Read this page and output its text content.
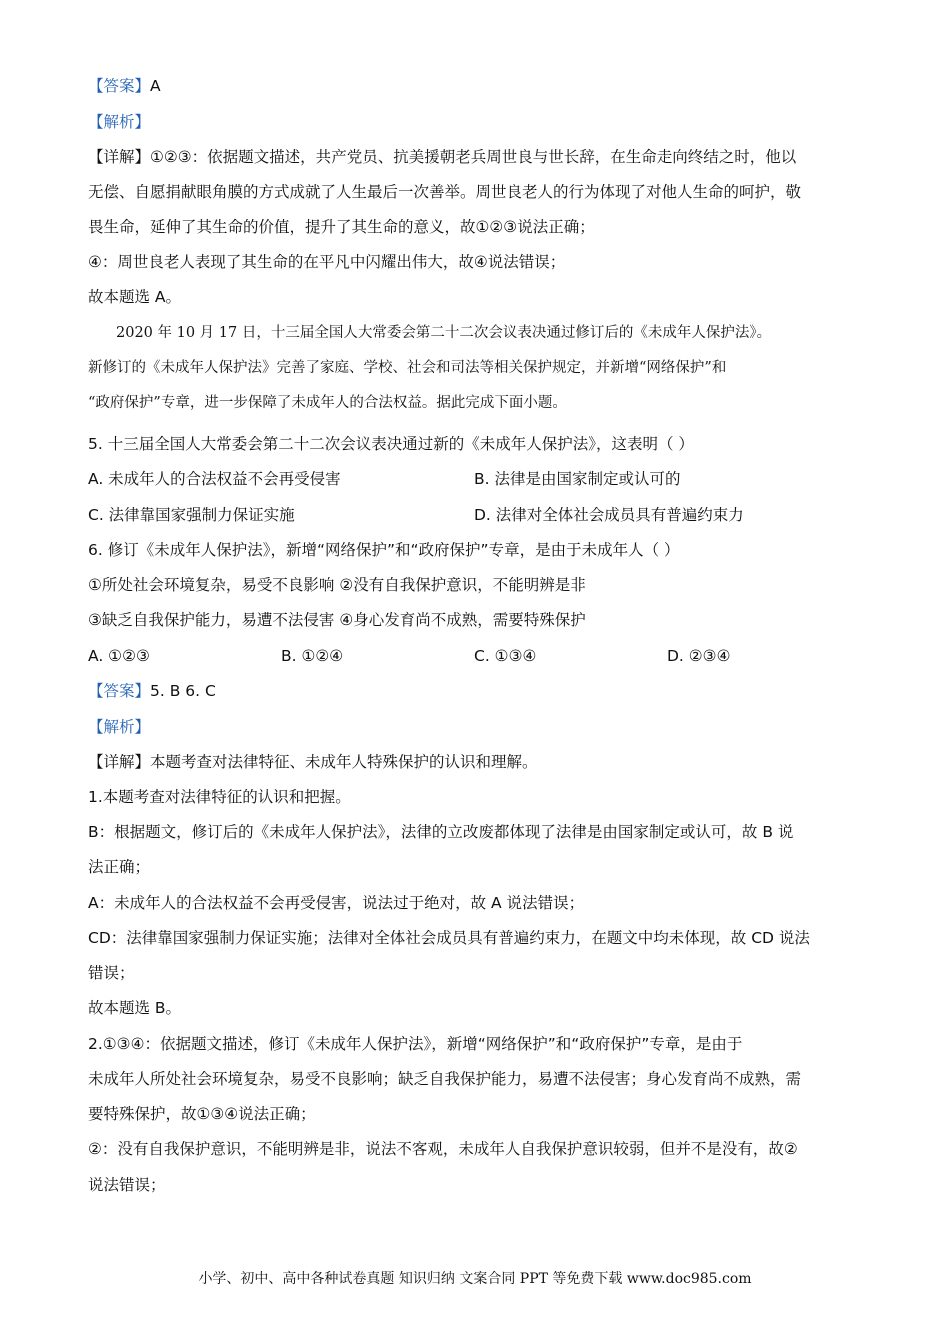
【答案】A
【解析】
【详解】①②③：依据题文描述，共产党员、抗美援朝老兵周世良与世长辞，在生命走向终结之时，他以
无偿、自愿捐献眼角膜的方式成就了人生最后一次善举。周世良老人的行为体现了对他人生命的呵护，敬
畏生命，延伸了其生命的价值，提升了其生命的意义，故①②③说法正确；
④：周世良老人表现了其生命的在平凡中闪耀出伟大，故④说法错误；
故本题选 A。
2020 年 10 月 17 日，十三届全国人大常委会第二十二次会议表决通过修订后的《未成年人保护法》。
新修订的《未成年人保护法》完善了家庭、学校、社会和司法等相关保护规定，并新增“网络保护”和
“政府保护”专章，进一步保障了未成年人的合法权益。据此完成下面小题。
5. 十三届全国人大常委会第二十二次会议表决通过新的《未成年人保护法》，这表明（ ）
A. 未成年人的合法权益不会再受侵害	B. 法律是由国家制定或认可的
C. 法律靠国家强制力保证实施	D. 法律对全体社会成员具有普遍约束力
6. 修订《未成年人保护法》，新增“网络保护”和“政府保护”专章，是由于未成年人（ ）
①所处社会环境复杂，易受不良影响 ②没有自我保护意识，不能明辨是非
③缺乏自我保护能力，易遭不法侵害 ④身心发育尚不成熟，需要特殊保护
A. ①②③	B. ①②④	C. ①③④	D. ②③④
【答案】5. B 6. C
【解析】
【详解】本题考查对法律特征、未成年人特殊保护的认识和理解。
1.本题考查对法律特征的认识和把握。
B：根据题文，修订后的《未成年人保护法》，法律的立改废都体现了法律是由国家制定或认可，故 B 说
法正确；
A：未成年人的合法权益不会再受侵害，说法过于绝对，故 A 说法错误；
CD：法律靠国家强制力保证实施；法律对全体社会成员具有普遍约束力，在题文中均未体现，故 CD 说法
错误；
故本题选 B。
2.①③④：依据题文描述，修订《未成年人保护法》，新增“网络保护”和“政府保护”专章，是由于
未成年人所处社会环境复杂，易受不良影响；缺乏自我保护能力，易遭不法侵害；身心发育尚不成熟，需
要特殊保护，故①③④说法正确；
②：没有自我保护意识，不能明辨是非，说法不客观，未成年人自我保护意识较弱，但并不是没有，故②
说法错误；
小学、初中、高中各种试卷真题 知识归纳 文案合同 PPT 等免费下载 www.doc985.com
